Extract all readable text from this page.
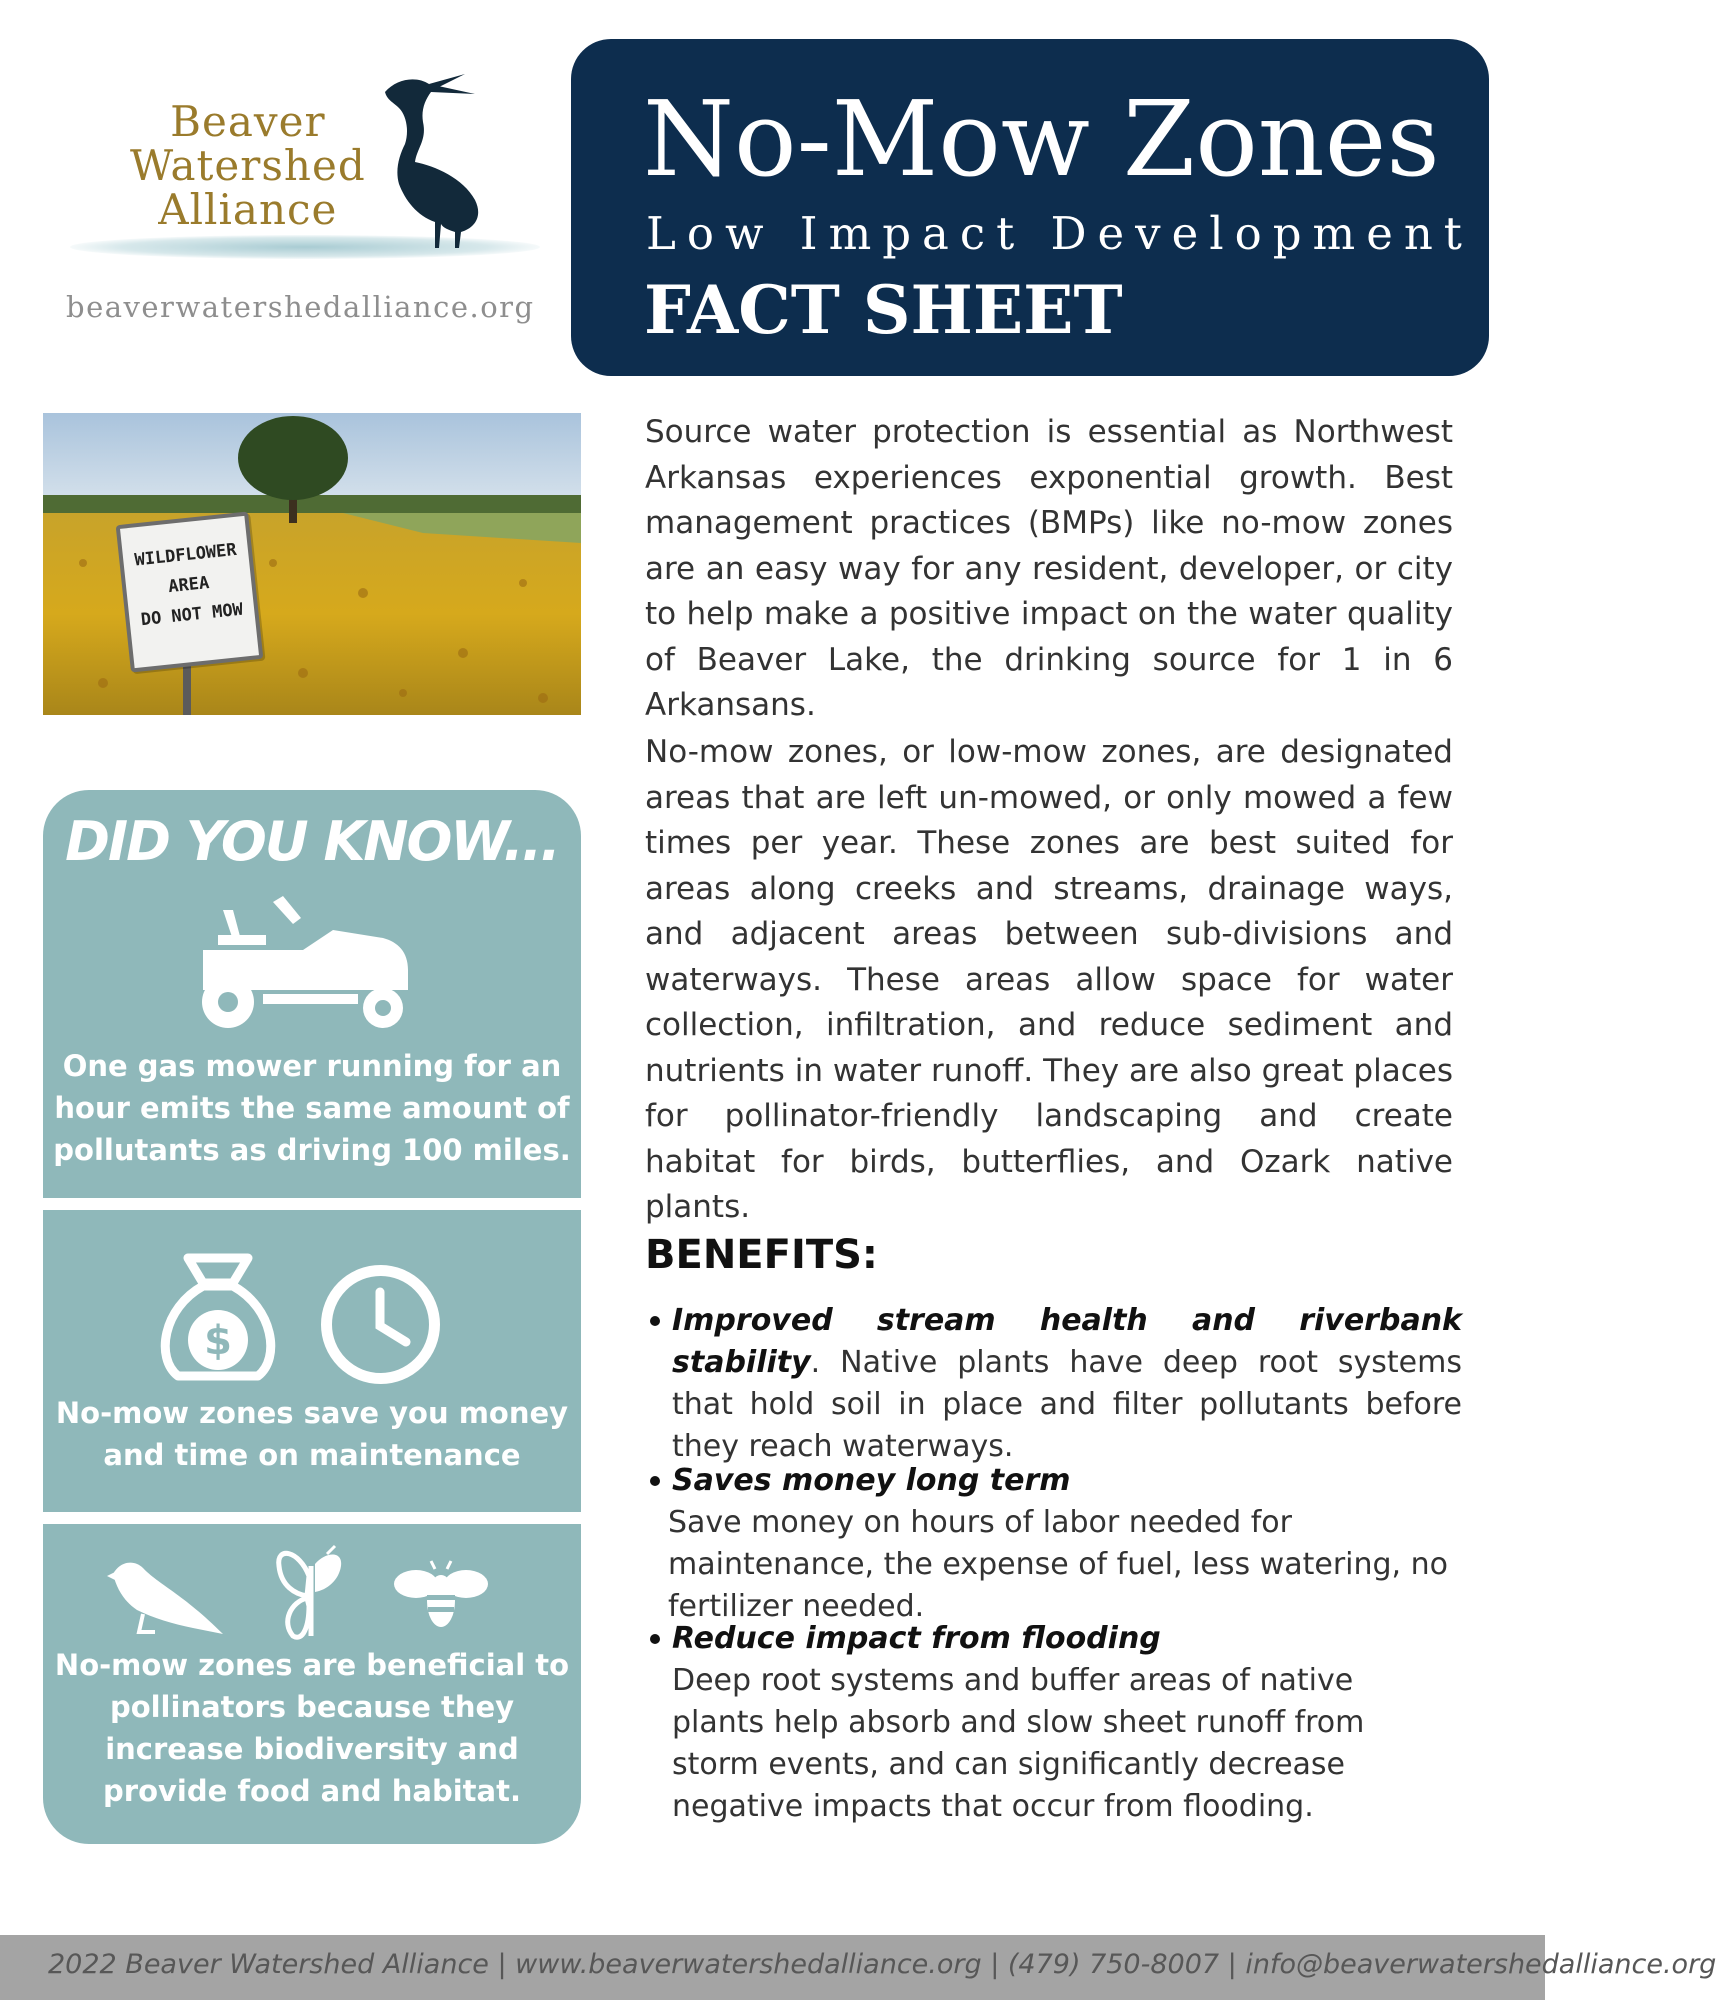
Beaver
Watershed
Alliance
beaverwatershedalliance.org
No-Mow Zones
Low Impact Development
FACT SHEET
WILDFLOWER
AREA
DO NOT MOW
DID YOU KNOW...
One gas mower running for an hour emits the same amount of pollutants as driving 100 miles.
$
No-mow zones save you money and time on maintenance
No-mow zones are beneficial to pollinators because they increase biodiversity and provide food and habitat.
Source water protection is essential as Northwest Arkansas experiences exponential growth. Best management practices (BMPs) like no-mow zones are an easy way for any resident, developer, or city to help make a positive impact on the water quality of Beaver Lake, the drinking source for 1 in 6 Arkansans.
No-mow zones, or low-mow zones, are designated areas that are left un-mowed, or only mowed a few times per year. These zones are best suited for areas along creeks and streams, drainage ways, and adjacent areas between sub-divisions and waterways. These areas allow space for water collection, infiltration, and reduce sediment and nutrients in water runoff. They are also great places for pollinator-friendly landscaping and create habitat for birds, butterflies, and Ozark native plants.
BENEFITS:
Improved stream health and riverbank stability. Native plants have deep root systems that hold soil in place and filter pollutants before they reach waterways.
Saves money long term
Save money on hours of labor needed for maintenance, the expense of fuel, less watering, no fertilizer needed.
Reduce impact from flooding
Deep root systems and buffer areas of native plants help absorb and slow sheet runoff from storm events, and can significantly decrease negative impacts that occur from flooding.
2022 Beaver Watershed Alliance | www.beaverwatershedalliance.org | (479) 750-8007 | info@beaverwatershedalliance.org
